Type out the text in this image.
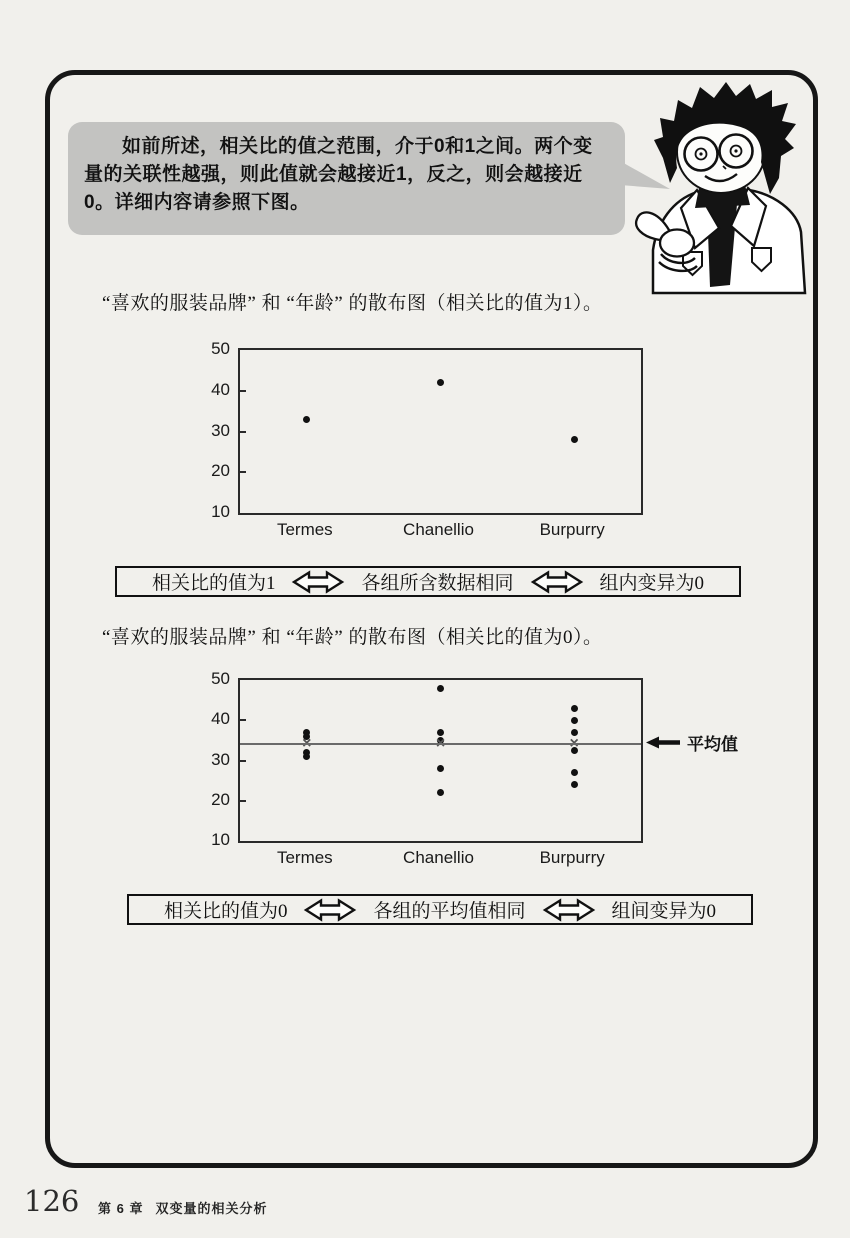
如前所述，相关比的值之范围，介于0和1之间。两个变量的关联性越强，则此值就会越接近1，反之，则会越接近0。详细内容请参照下图。

“喜欢的服装品牌” 和 “年龄” 的散布图（相关比的值为1）。

50
40
30
20
10
Termes	Chanellio	Burpurry
相关比的值为1	各组所含数据相同	组内变异为0

“喜欢的服装品牌” 和 “年龄” 的散布图（相关比的值为0）。

平均值
50
40
30
20
10
Termes	Chanellio	Burpurry
相关比的值为0	各组的平均值相同	组间变异为0
126 第 6 章 双变量的相关分析
